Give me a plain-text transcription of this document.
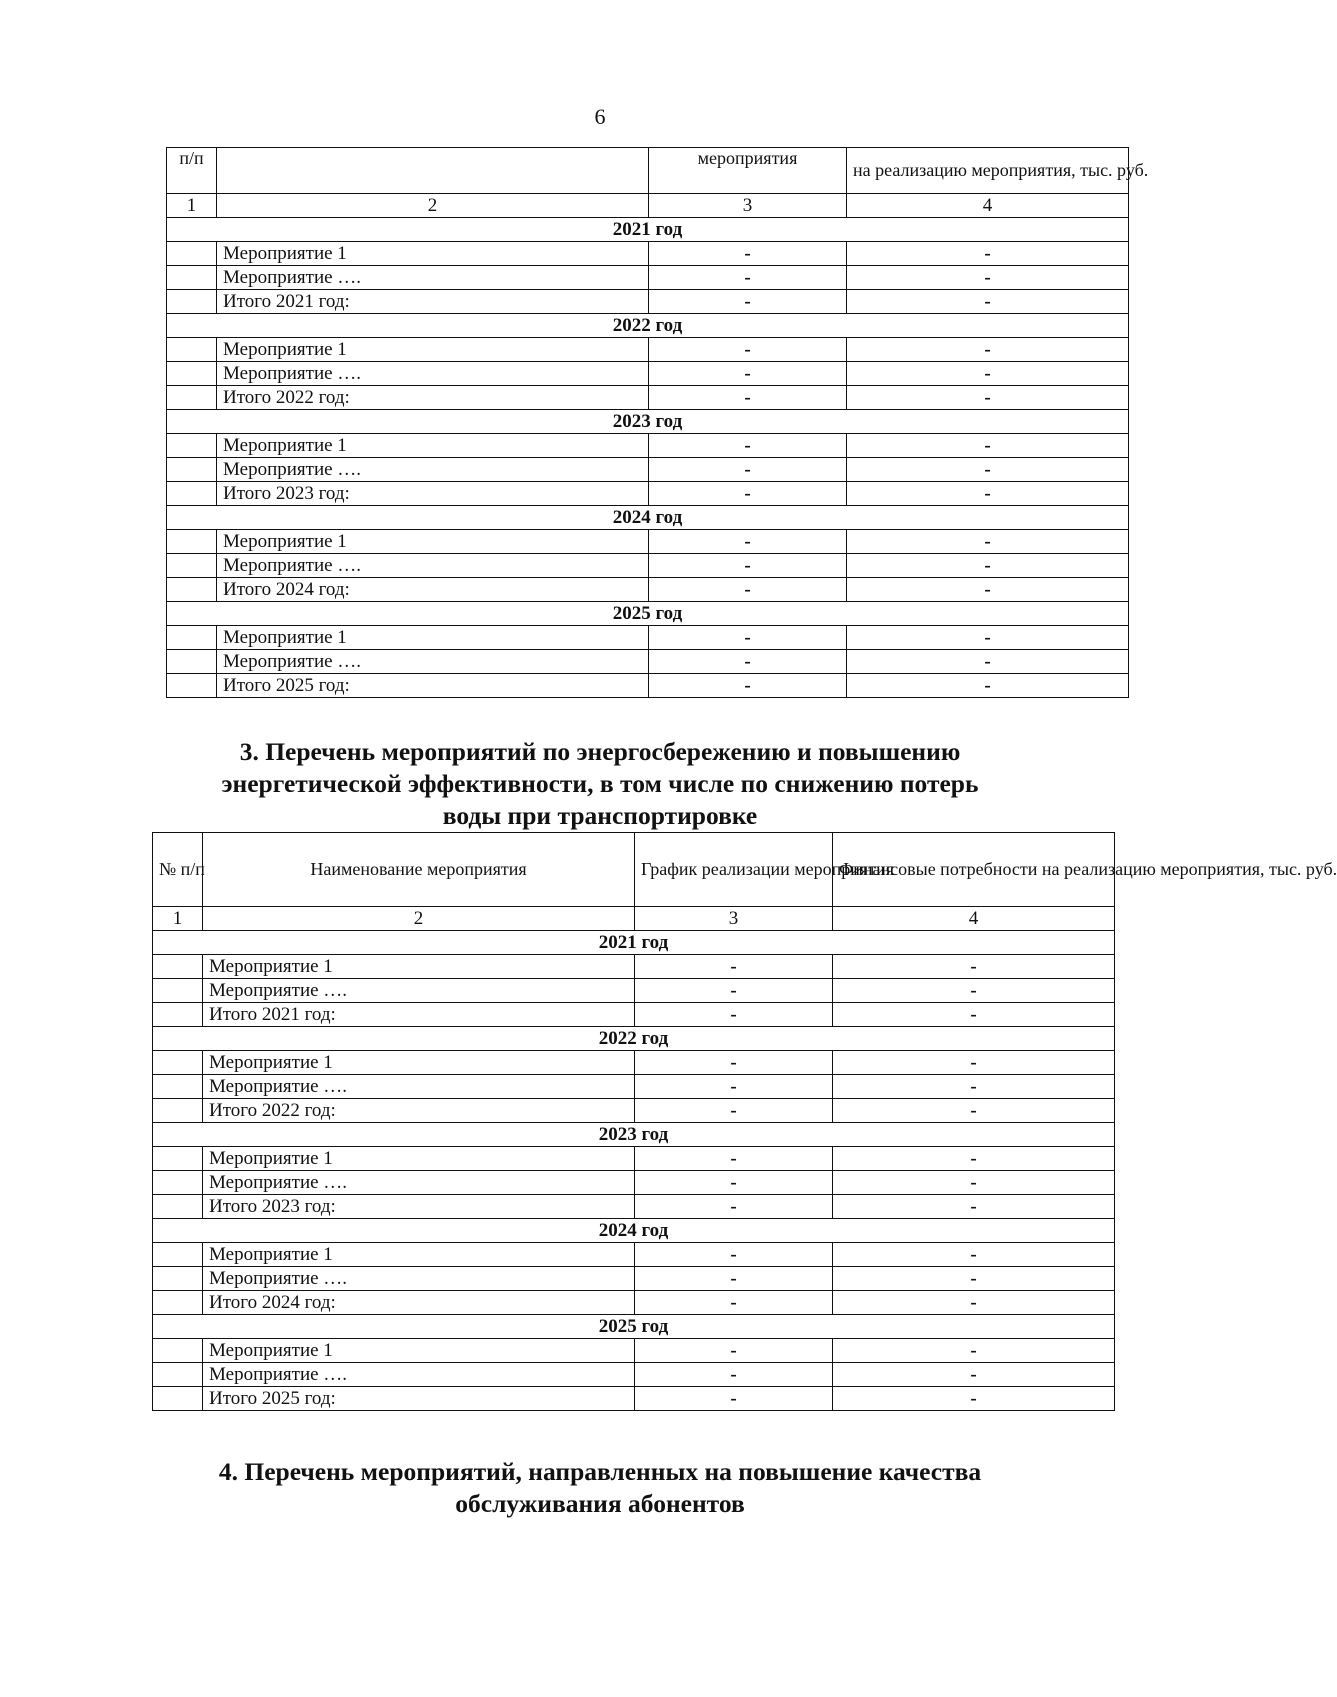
6
п/п		мероприятия	на реализацию мероприятия, тыс. руб.
1	2	3	4
2021 год			
	Мероприятие 1	-	-
	Мероприятие ….	-	-
	Итого 2021 год:	-	-
2022 год			
	Мероприятие 1	-	-
	Мероприятие ….	-	-
	Итого 2022 год:	-	-
2023 год			
	Мероприятие 1	-	-
	Мероприятие ….	-	-
	Итого 2023 год:	-	-
2024 год			
	Мероприятие 1	-	-
	Мероприятие ….	-	-
	Итого 2024 год:	-	-
2025 год			
	Мероприятие 1	-	-
	Мероприятие ….	-	-
	Итого 2025 год:	-	-
3. Перечень мероприятий по энергосбережению и повышению
энергетической эффективности, в том числе по снижению потерь
воды при транспортировке
№ п/п	Наименование мероприятия	График реализации мероприятия	Финансовые потребности на реализацию мероприятия, тыс. руб.
1	2	3	4
2021 год			
	Мероприятие 1	-	-
	Мероприятие ….	-	-
	Итого 2021 год:	-	-
2022 год			
	Мероприятие 1	-	-
	Мероприятие ….	-	-
	Итого 2022 год:	-	-
2023 год			
	Мероприятие 1	-	-
	Мероприятие ….	-	-
	Итого 2023 год:	-	-
2024 год			
	Мероприятие 1	-	-
	Мероприятие ….	-	-
	Итого 2024 год:	-	-
2025 год			
	Мероприятие 1	-	-
	Мероприятие ….	-	-
	Итого 2025 год:	-	-
4. Перечень мероприятий, направленных на повышение качества
обслуживания абонентов
